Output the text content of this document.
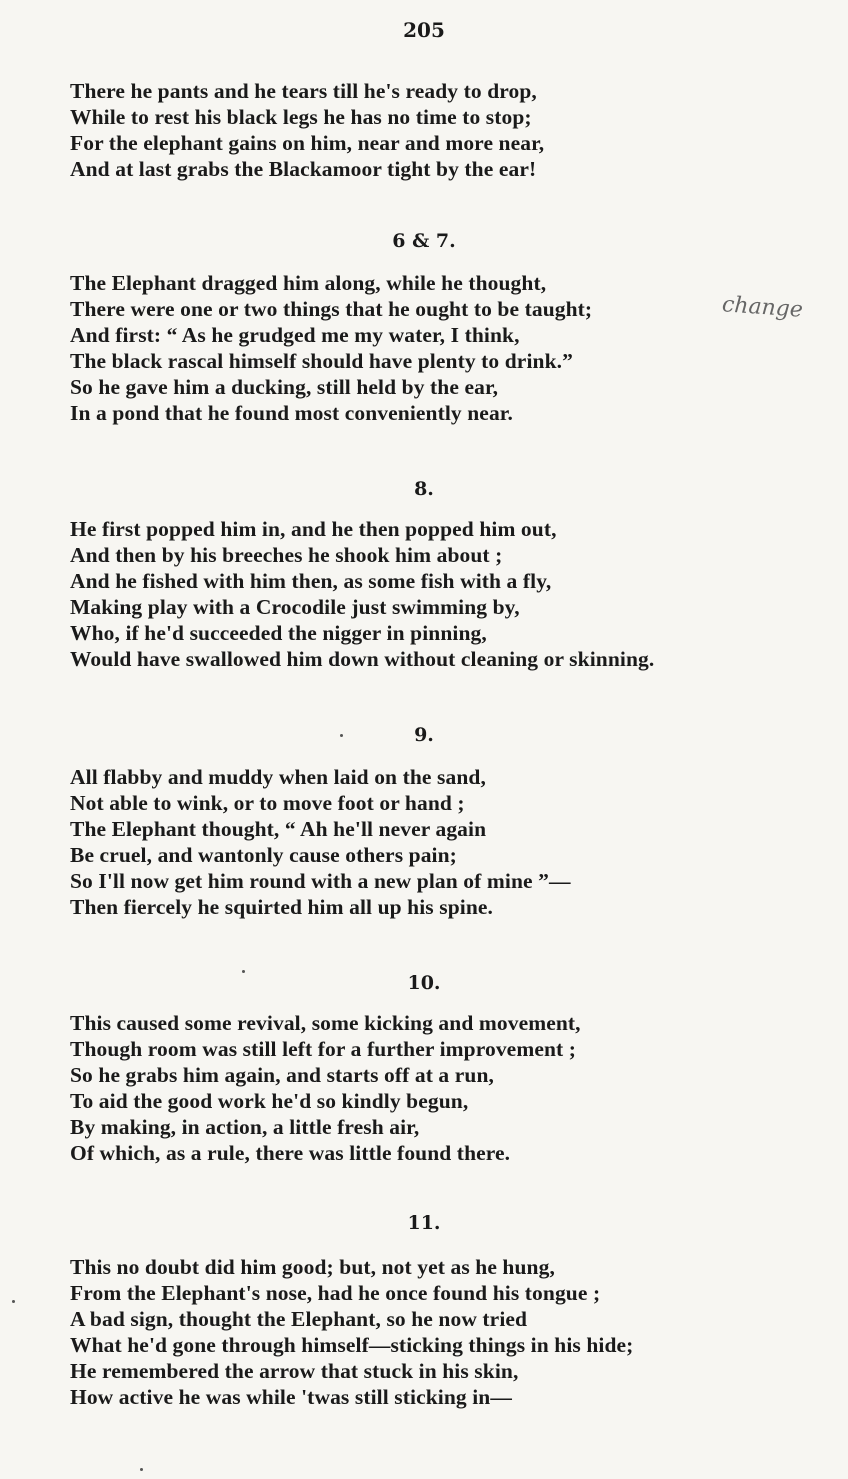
205
There he pants and he tears till he's ready to drop,
While to rest his black legs he has no time to stop;
For the elephant gains on him, near and more near,
And at last grabs the Blackamoor tight by the ear!
6 & 7.
The Elephant dragged him along, while he thought,
There were one or two things that he ought to be taught;
And first: “ As he grudged me my water, I think,
The black rascal himself should have plenty to drink.”
So he gave him a ducking, still held by the ear,
In a pond that he found most conveniently near.
change
8.
He first popped him in, and he then popped him out,
And then by his breeches he shook him about ;
And he fished with him then, as some fish with a fly,
Making play with a Crocodile just swimming by,
Who, if he'd succeeded the nigger in pinning,
Would have swallowed him down without cleaning or skinning.
9.
All flabby and muddy when laid on the sand,
Not able to wink, or to move foot or hand ;
The Elephant thought, “ Ah he'll never again
Be cruel, and wantonly cause others pain;
So I'll now get him round with a new plan of mine ”—
Then fiercely he squirted him all up his spine.
10.
This caused some revival, some kicking and movement,
Though room was still left for a further improvement ;
So he grabs him again, and starts off at a run,
To aid the good work he'd so kindly begun,
By making, in action, a little fresh air,
Of which, as a rule, there was little found there.
11.
This no doubt did him good; but, not yet as he hung,
From the Elephant's nose, had he once found his tongue ;
A bad sign, thought the Elephant, so he now tried
What he'd gone through himself—sticking things in his hide;
He remembered the arrow that stuck in his skin,
How active he was while 'twas still sticking in—
